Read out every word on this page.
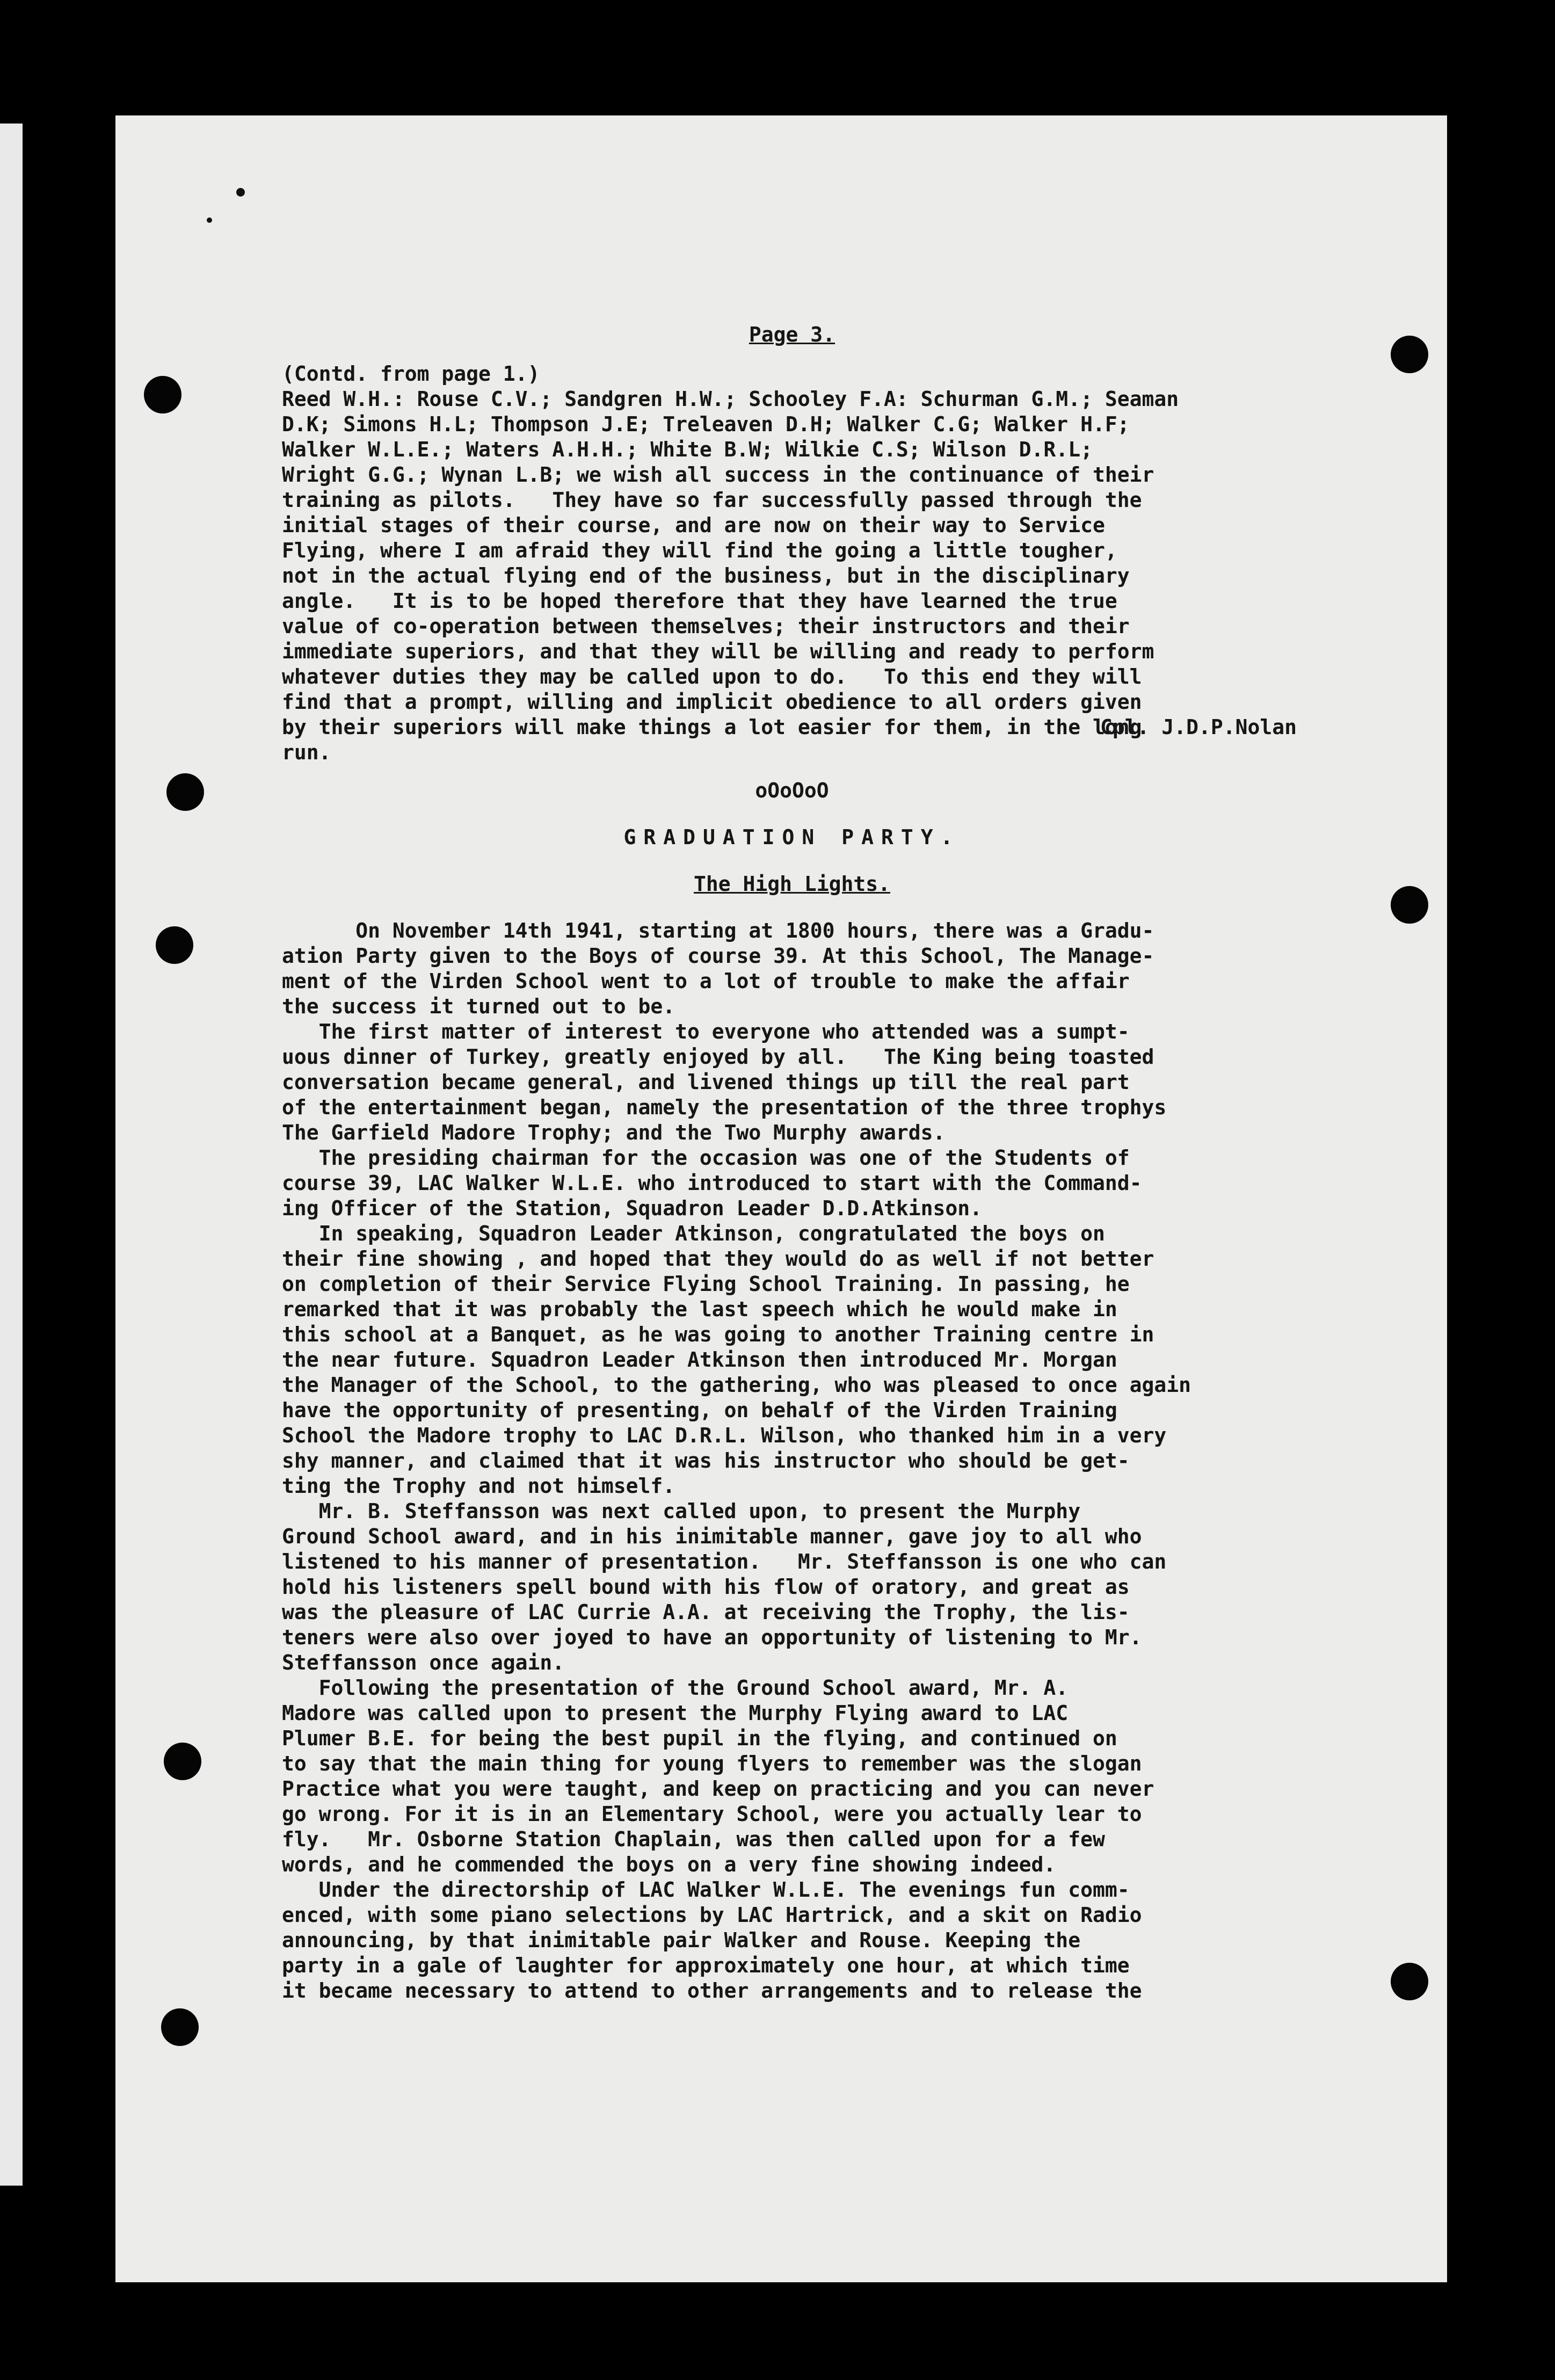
Page 3.
(Contd. from page 1.)
Reed W.H.: Rouse C.V.; Sandgren H.W.; Schooley F.A: Schurman G.M.; Seaman
D.K; Simons H.L; Thompson J.E; Treleaven D.H; Walker C.G; Walker H.F;
Walker W.L.E.; Waters A.H.H.; White B.W; Wilkie C.S; Wilson D.R.L;
Wright G.G.; Wynan L.B; we wish all success in the continuance of their
training as pilots.   They have so far successfully passed through the
initial stages of their course, and are now on their way to Service
Flying, where I am afraid they will find the going a little tougher,
not in the actual flying end of the business, but in the disciplinary
angle.   It is to be hoped therefore that they have learned the true
value of co-operation between themselves; their instructors and their
immediate superiors, and that they will be willing and ready to perform
whatever duties they may be called upon to do.   To this end they will
find that a prompt, willing and implicit obedience to all orders given
by their superiors will make things a lot easier for them, in the long
run.
Cpl. J.D.P.Nolan
oOoOoO
GRADUATION PARTY.
The High Lights.
On November 14th 1941, starting at 1800 hours, there was a Gradu-
ation Party given to the Boys of course 39. At this School, The Manage-
ment of the Virden School went to a lot of trouble to make the affair
the success it turned out to be.
The first matter of interest to everyone who attended was a sumpt-
uous dinner of Turkey, greatly enjoyed by all.   The King being toasted
conversation became general, and livened things up till the real part
of the entertainment began, namely the presentation of the three trophys
The Garfield Madore Trophy; and the Two Murphy awards.
The presiding chairman for the occasion was one of the Students of
course 39, LAC Walker W.L.E. who introduced to start with the Command-
ing Officer of the Station, Squadron Leader D.D.Atkinson.
In speaking, Squadron Leader Atkinson, congratulated the boys on
their fine showing , and hoped that they would do as well if not better
on completion of their Service Flying School Training. In passing, he
remarked that it was probably the last speech which he would make in
this school at a Banquet, as he was going to another Training centre in
the near future. Squadron Leader Atkinson then introduced Mr. Morgan
the Manager of the School, to the gathering, who was pleased to once again
have the opportunity of presenting, on behalf of the Virden Training
School the Madore trophy to LAC D.R.L. Wilson, who thanked him in a very
shy manner, and claimed that it was his instructor who should be get-
ting the Trophy and not himself.
Mr. B. Steffansson was next called upon, to present the Murphy
Ground School award, and in his inimitable manner, gave joy to all who
listened to his manner of presentation.   Mr. Steffansson is one who can
hold his listeners spell bound with his flow of oratory, and great as
was the pleasure of LAC Currie A.A. at receiving the Trophy, the lis-
teners were also over joyed to have an opportunity of listening to Mr.
Steffansson once again.
Following the presentation of the Ground School award, Mr. A.
Madore was called upon to present the Murphy Flying award to LAC
Plumer B.E. for being the best pupil in the flying, and continued on
to say that the main thing for young flyers to remember was the slogan
Practice what you were taught, and keep on practicing and you can never
go wrong. For it is in an Elementary School, were you actually lear to
fly.   Mr. Osborne Station Chaplain, was then called upon for a few
words, and he commended the boys on a very fine showing indeed.
Under the directorship of LAC Walker W.L.E. The evenings fun comm-
enced, with some piano selections by LAC Hartrick, and a skit on Radio
announcing, by that inimitable pair Walker and Rouse. Keeping the
party in a gale of laughter for approximately one hour, at which time
it became necessary to attend to other arrangements and to release the
